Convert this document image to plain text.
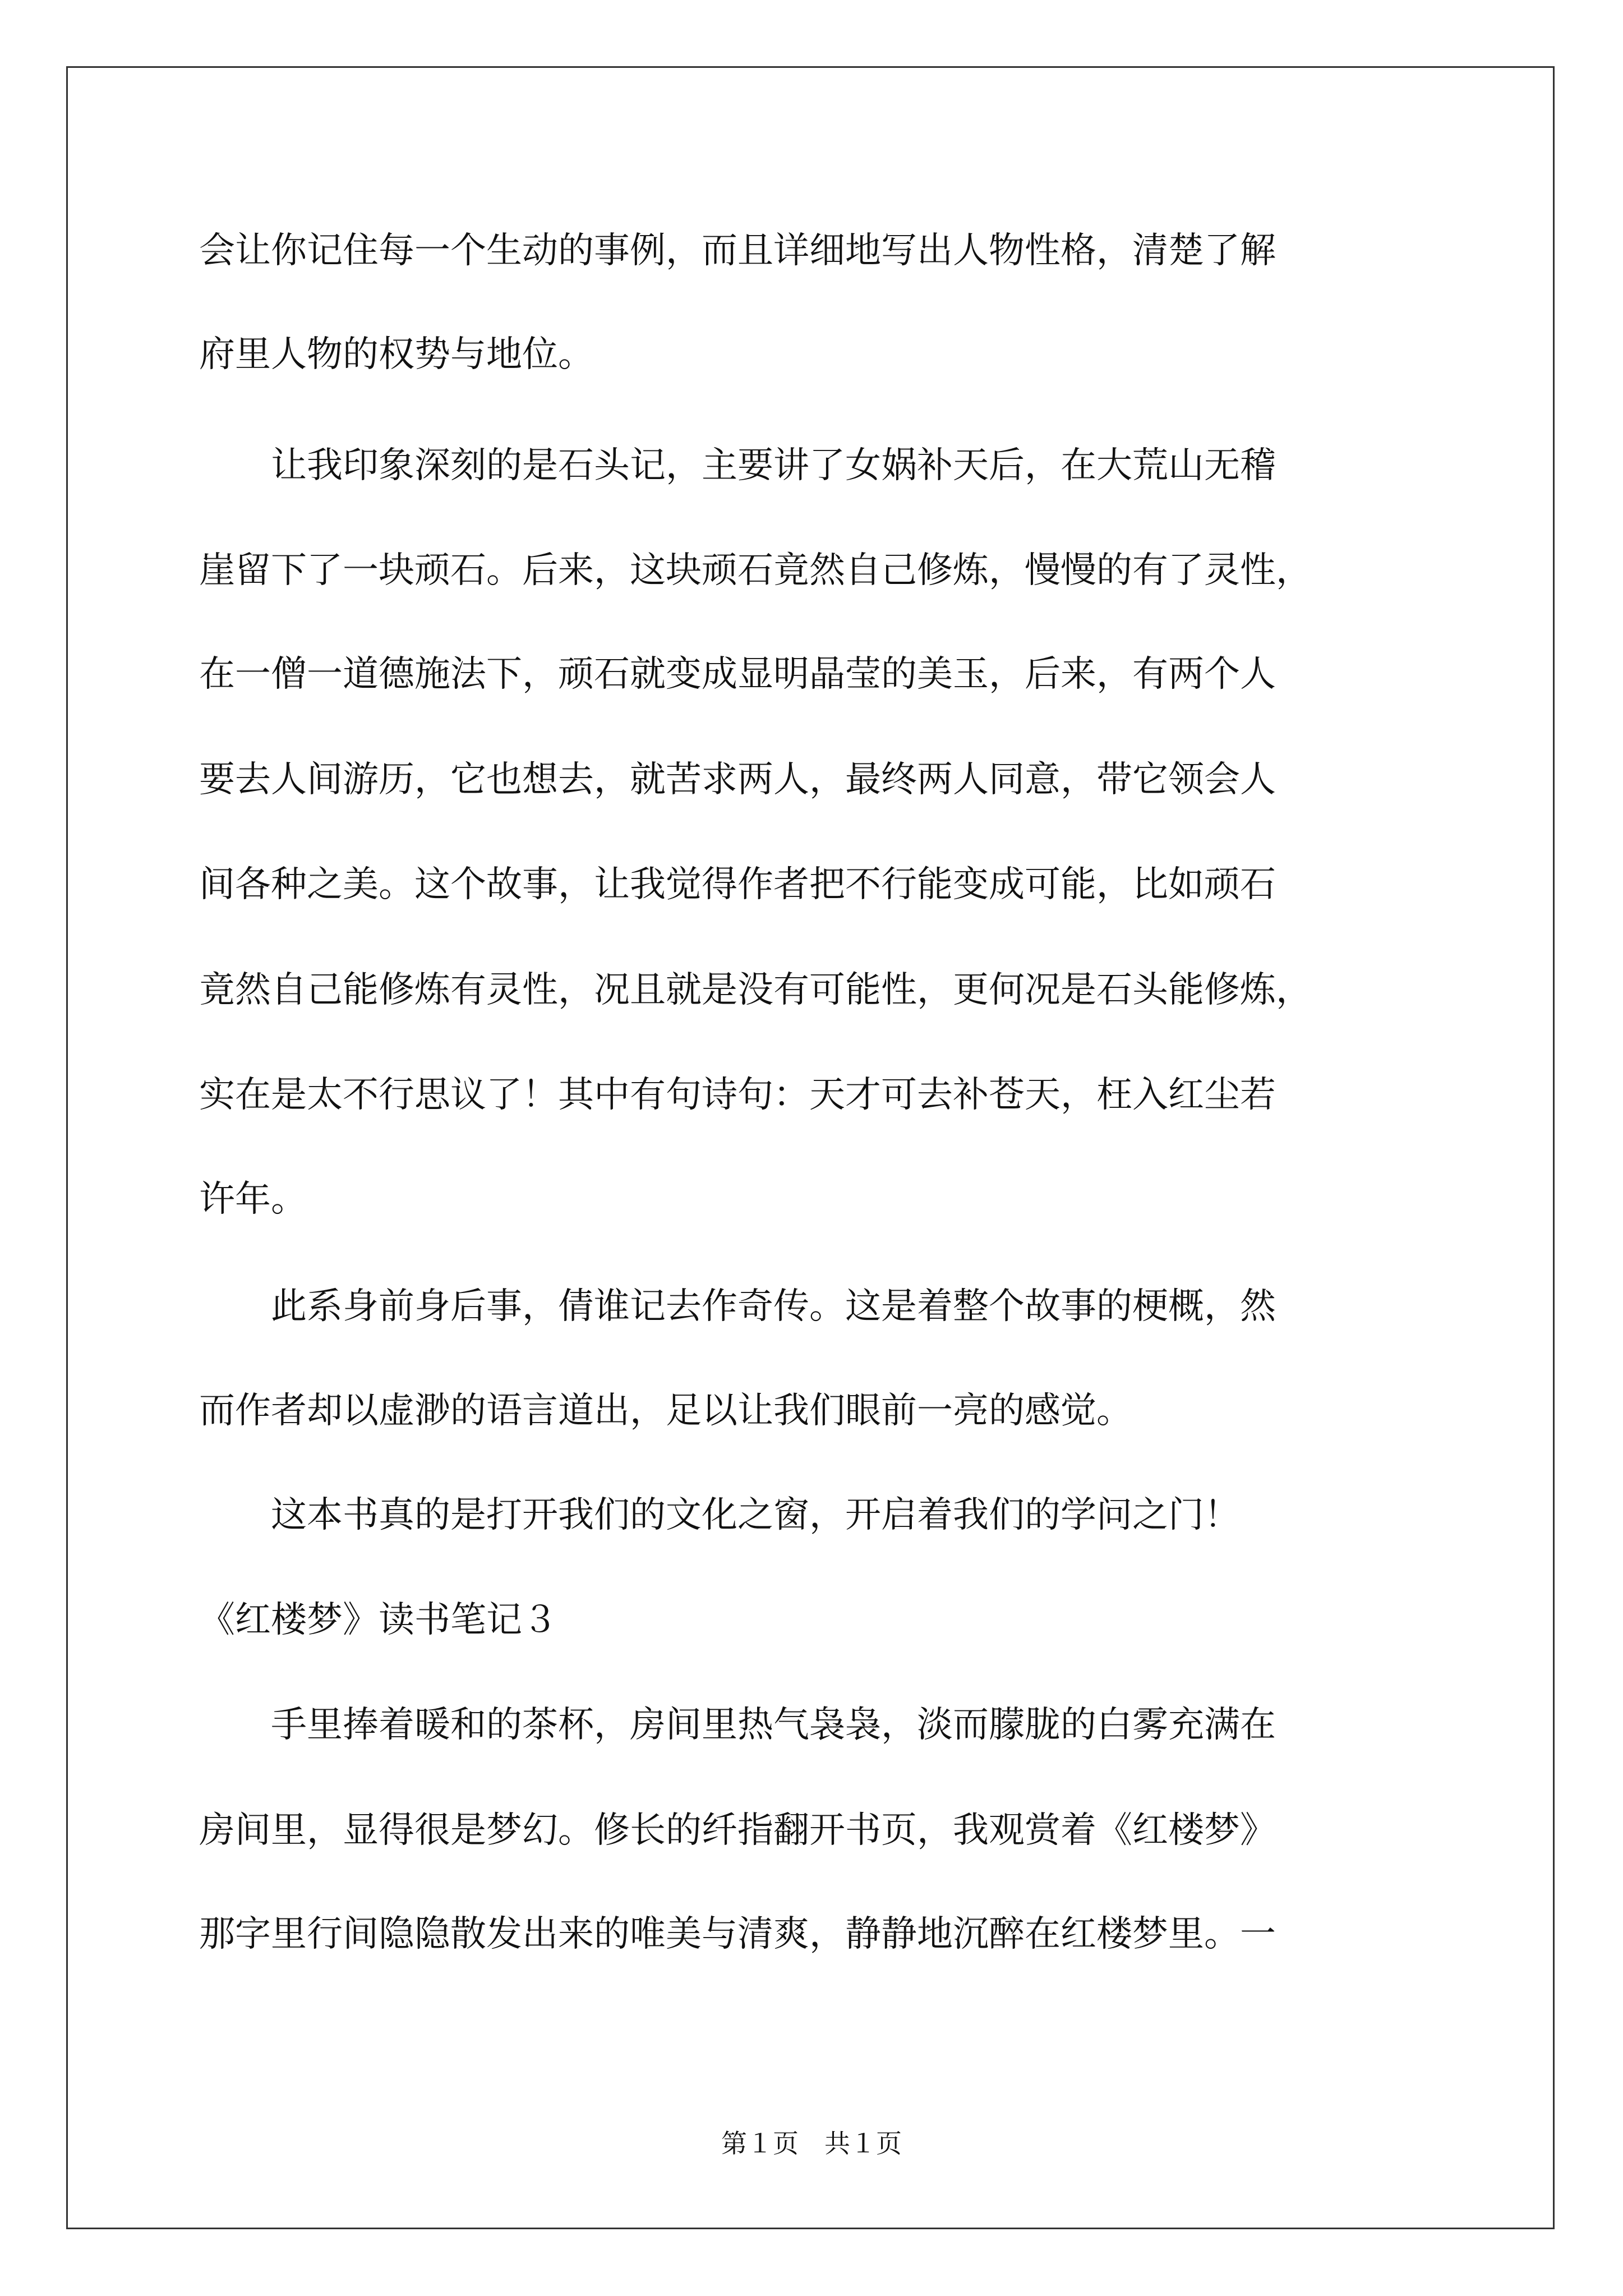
会让你记住每一个生动的事例，而且详细地写出人物性格，清楚了解
府里人物的权势与地位。
　　让我印象深刻的是石头记，主要讲了女娲补天后，在大荒山无稽
崖留下了一块顽石。后来，这块顽石竟然自己修炼，慢慢的有了灵性，
在一僧一道德施法下，顽石就变成显明晶莹的美玉，后来，有两个人
要去人间游历，它也想去，就苦求两人，最终两人同意，带它领会人
间各种之美。这个故事，让我觉得作者把不行能变成可能，比如顽石
竟然自己能修炼有灵性，况且就是没有可能性，更何况是石头能修炼，
实在是太不行思议了！其中有句诗句：天才可去补苍天，枉入红尘若
许年。
　　此系身前身后事，倩谁记去作奇传。这是着整个故事的梗概，然
而作者却以虚渺的语言道出，足以让我们眼前一亮的感觉。
　　这本书真的是打开我们的文化之窗，开启着我们的学问之门！
《红楼梦》读书笔记３
　　手里捧着暖和的茶杯，房间里热气袅袅，淡而朦胧的白雾充满在
房间里，显得很是梦幻。修长的纤指翻开书页，我观赏着《红楼梦》
那字里行间隐隐散发出来的唯美与清爽，静静地沉醉在红楼梦里。一
第１页　共１页
